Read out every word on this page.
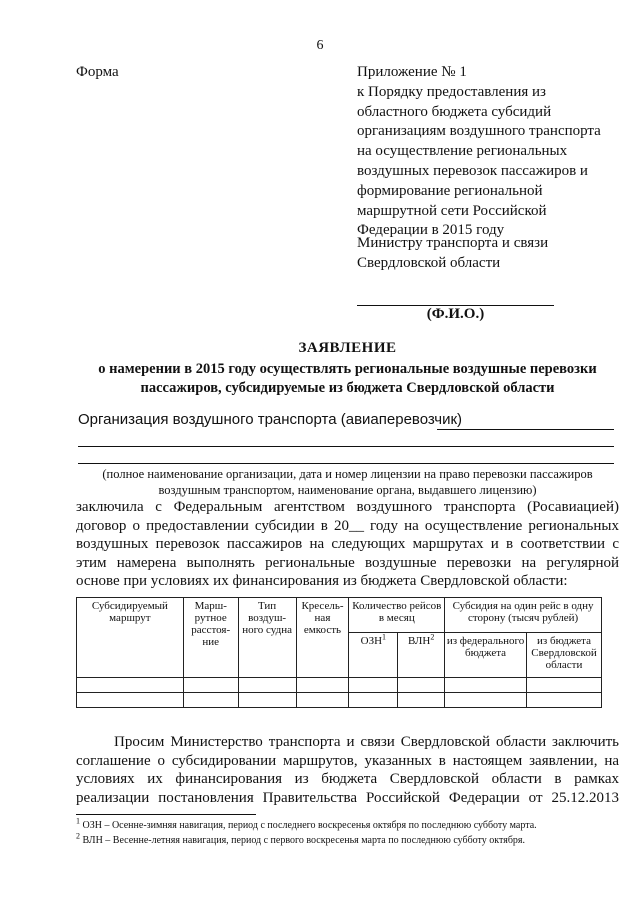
6
Форма	Приложение № 1
к Порядку предоставления из
областного бюджета субсидий
организациям воздушного транспорта
на осуществление региональных
воздушных перевозок пассажиров и
формирование региональной
маршрутной сети Российской
Федерации в 2015 году
Министру транспорта и связи
Свердловской области
(Ф.И.О.)
ЗАЯВЛЕНИЕ
о намерении в 2015 году осуществлять региональные воздушные перевозки
пассажиров, субсидируемые из бюджета Свердловской области
Организация воздушного транспорта (авиаперевозчик)
(полное наименование организации, дата и номер лицензии на право перевозки пассажиров
воздушным транспортом, наименование органа, выдавшего лицензию)
заключила с Федеральным агентством воздушного транспорта (Росавиацией)
договор о предоставлении субсидии в 20__ году на осуществление региональных
воздушных перевозок пассажиров на следующих маршрутах и в соответствии с
этим намерена выполнять региональные воздушные перевозки на регулярной
основе при условиях их финансирования из бюджета Свердловской области:
Субсидируемый маршрут	Марш-рутное расстоя-ние	Тип воздуш-ного судна	Кресель-ная емкость	Количество рейсов в месяц		Субсидия на один рейс в одну сторону (тысяч рублей)	
				ОЗН$^1$	ВЛН$^2$	из федерального бюджета	из бюджета Свердловской области

Просим Министерство транспорта и связи Свердловской области заключить
соглашение о субсидировании маршрутов, указанных в настоящем заявлении, на
условиях их финансирования из бюджета Свердловской области в рамках
реализации постановления Правительства Российской Федерации от 25.12.2013
$^1$ ОЗН – Осенне-зимняя навигация, период с последнего воскресенья октября по последнюю субботу марта.
$^2$ ВЛН – Весенне-летняя навигация, период с первого воскресенья марта по последнюю субботу октября.
